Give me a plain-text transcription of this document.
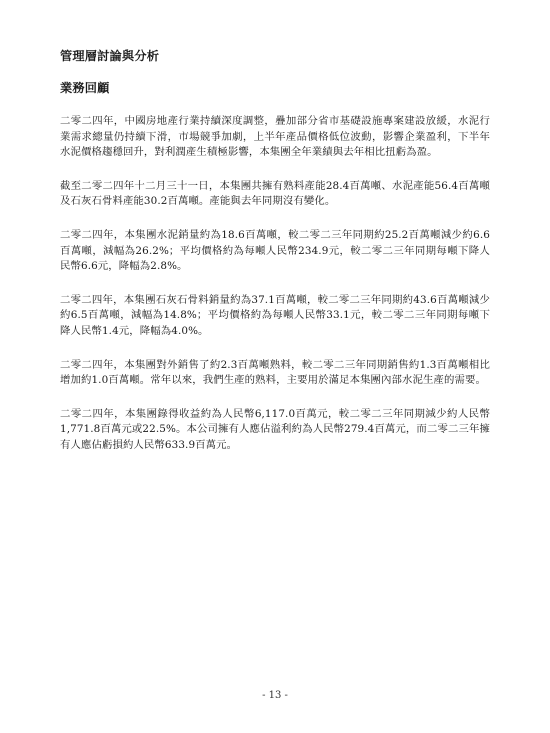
管理層討論與分析
業務回顧

二零二四年，中國房地產行業持續深度調整，疊加部分省市基礎設施專案建設放緩，水泥行業需求總量仍持續下滑，市場競爭加劇，上半年產品價格低位波動，影響企業盈利，下半年水泥價格趨穩回升，對利潤產生積極影響，本集團全年業績與去年相比扭虧為盈。

截至二零二四年十二月三十一日，本集團共擁有熟料產能28.4百萬噸、水泥產能56.4百萬噸及石灰石骨料產能30.2百萬噸。產能與去年同期沒有變化。

二零二四年，本集團水泥銷量約為18.6百萬噸，較二零二三年同期約25.2百萬噸減少約6.6百萬噸，減幅為26.2%；平均價格約為每噸人民幣234.9元，較二零二三年同期每噸下降人民幣6.6元，降幅為2.8%。

二零二四年，本集團石灰石骨料銷量約為37.1百萬噸，較二零二三年同期約43.6百萬噸減少約6.5百萬噸，減幅為14.8%；平均價格約為每噸人民幣33.1元，較二零二三年同期每噸下降人民幣1.4元，降幅為4.0%。

二零二四年，本集團對外銷售了約2.3百萬噸熟料，較二零二三年同期銷售約1.3百萬噸相比增加約1.0百萬噸。常年以來，我們生產的熟料，主要用於滿足本集團內部水泥生產的需要。

二零二四年，本集團錄得收益約為人民幣6,117.0百萬元，較二零二三年同期減少約人民幣1,771.8百萬元或22.5%。本公司擁有人應佔溢利約為人民幣279.4百萬元，而二零二三年擁有人應佔虧損約人民幣633.9百萬元。

- 13 -
